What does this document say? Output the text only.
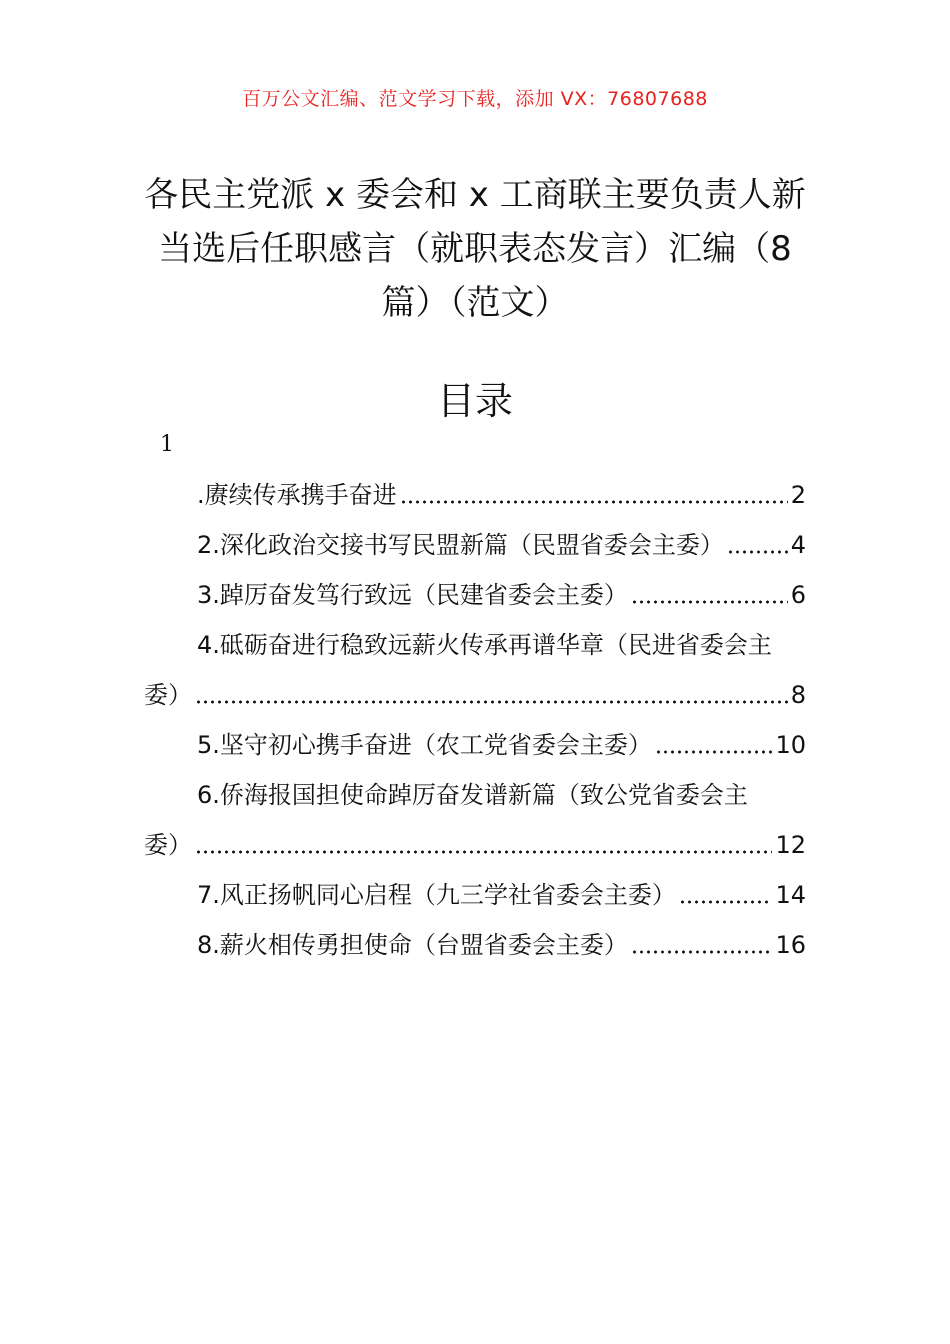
百万公文汇编、范文学习下载，添加 VX：76807688
各民主党派 x 委会和 x 工商联主要负责人新当选后任职感言（就职表态发言）汇编（8 篇）（范文）
目录
1
.赓续传承携手奋进	2
2.深化政治交接书写民盟新篇（民盟省委会主委）	4
3.踔厉奋发笃行致远（民建省委会主委）	6
4.砥砺奋进行稳致远薪火传承再谱华章（民进省委会主
委）	8
5.坚守初心携手奋进（农工党省委会主委）	10
6.侨海报国担使命踔厉奋发谱新篇（致公党省委会主
委）	12
7.风正扬帆同心启程（九三学社省委会主委）	14
8.薪火相传勇担使命（台盟省委会主委）	16
